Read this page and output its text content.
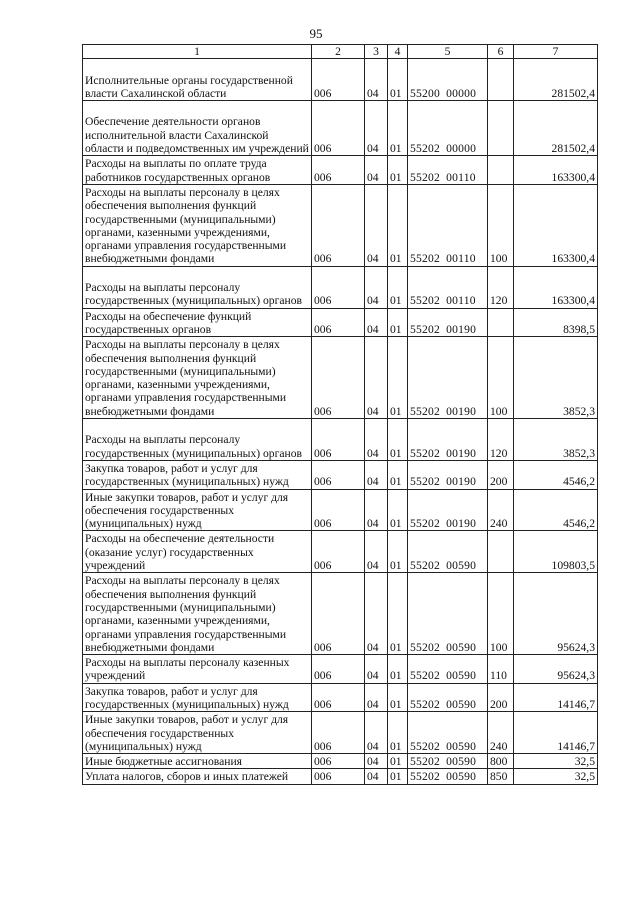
95
1	2	3	4	5	6	7
Исполнительные органы государственной власти Сахалинской области	006	04	01	55200  00000		281502,4
Обеспечение деятельности органов исполнительной власти Сахалинской области и подведомственных им учреждений	006	04	01	55202  00000		281502,4
Расходы на выплаты по оплате труда работников государственных органов	006	04	01	55202  00110		163300,4
Расходы на выплаты персоналу в целях обеспечения выполнения функций государственными (муниципальными) органами, казенными учреждениями, органами управления государственными внебюджетными фондами	006	04	01	55202  00110	100	163300,4
Расходы на выплаты персоналу государственных (муниципальных) органов	006	04	01	55202  00110	120	163300,4
Расходы на обеспечение функций государственных органов	006	04	01	55202  00190		8398,5
Расходы на выплаты персоналу в целях обеспечения выполнения функций государственными (муниципальными) органами, казенными учреждениями, органами управления государственными внебюджетными фондами	006	04	01	55202  00190	100	3852,3
Расходы на выплаты персоналу государственных (муниципальных) органов	006	04	01	55202  00190	120	3852,3
Закупка товаров, работ и услуг для государственных (муниципальных) нужд	006	04	01	55202  00190	200	4546,2
Иные закупки товаров, работ и услуг для обеспечения государственных (муниципальных) нужд	006	04	01	55202  00190	240	4546,2
Расходы на обеспечение деятельности (оказание услуг) государственных учреждений	006	04	01	55202  00590		109803,5
Расходы на выплаты персоналу в целях обеспечения выполнения функций государственными (муниципальными) органами, казенными учреждениями, органами управления государственными внебюджетными фондами	006	04	01	55202  00590	100	95624,3
Расходы на выплаты персоналу казенных учреждений	006	04	01	55202  00590	110	95624,3
Закупка товаров, работ и услуг для государственных (муниципальных) нужд	006	04	01	55202  00590	200	14146,7
Иные закупки товаров, работ и услуг для обеспечения государственных (муниципальных) нужд	006	04	01	55202  00590	240	14146,7
Иные бюджетные ассигнования	006	04	01	55202  00590	800	32,5
Уплата налогов, сборов и иных платежей	006	04	01	55202  00590	850	32,5
